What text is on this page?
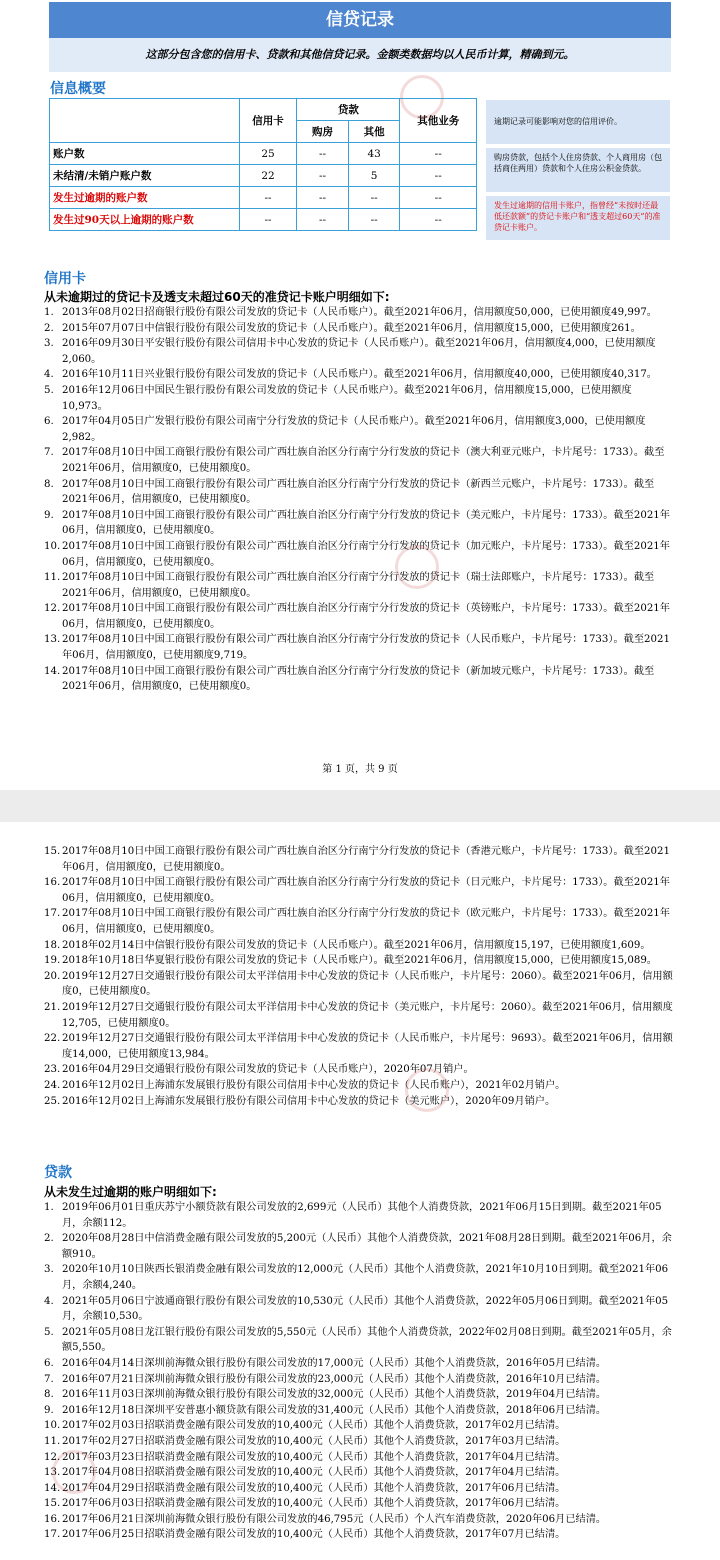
信贷记录
这部分包含您的信用卡、贷款和其他信贷记录。金额类数据均以人民币计算，精确到元。
信息概要
	信用卡	贷款		其他业务
		购房	其他	
账户数	25	--	43	--
未结清/未销户账户数	22	--	5	--
发生过逾期的账户数	--	--	--	--
发生过90天以上逾期的账户数	--	--	--	--
逾期记录可能影响对您的信用评价。
购房贷款，包括个人住房贷款、个人商用房（包括商住两用）贷款和个人住房公积金贷款。
发生过逾期的信用卡账户，指曾经“未按时还最低还款额”的贷记卡账户和“透支超过60天”的准贷记卡账户。
信用卡
从未逾期过的贷记卡及透支未超过60天的准贷记卡账户明细如下:
1. 2013年08月02日招商银行股份有限公司发放的贷记卡（人民币账户）。截至2021年06月，信用额度50,000，已使用额度49,997。
2. 2015年07月07日中信银行股份有限公司发放的贷记卡（人民币账户）。截至2021年06月，信用额度15,000，已使用额度261。
3. 2016年09月30日平安银行股份有限公司信用卡中心发放的贷记卡（人民币账户）。截至2021年06月，信用额度4,000，已使用额度2,060。
4. 2016年10月11日兴业银行股份有限公司发放的贷记卡（人民币账户）。截至2021年06月，信用额度40,000，已使用额度40,317。
5. 2016年12月06日中国民生银行股份有限公司发放的贷记卡（人民币账户）。截至2021年06月，信用额度15,000，已使用额度10,973。
6. 2017年04月05日广发银行股份有限公司南宁分行发放的贷记卡（人民币账户）。截至2021年06月，信用额度3,000，已使用额度2,982。
7. 2017年08月10日中国工商银行股份有限公司广西壮族自治区分行南宁分行发放的贷记卡（澳大利亚元账户，卡片尾号：1733）。截至2021年06月，信用额度0，已使用额度0。
8. 2017年08月10日中国工商银行股份有限公司广西壮族自治区分行南宁分行发放的贷记卡（新西兰元账户，卡片尾号：1733）。截至2021年06月，信用额度0，已使用额度0。
9. 2017年08月10日中国工商银行股份有限公司广西壮族自治区分行南宁分行发放的贷记卡（美元账户，卡片尾号：1733）。截至2021年06月，信用额度0，已使用额度0。
10. 2017年08月10日中国工商银行股份有限公司广西壮族自治区分行南宁分行发放的贷记卡（加元账户，卡片尾号：1733）。截至2021年06月，信用额度0，已使用额度0。
11. 2017年08月10日中国工商银行股份有限公司广西壮族自治区分行南宁分行发放的贷记卡（瑞士法郎账户，卡片尾号：1733）。截至2021年06月，信用额度0，已使用额度0。
12. 2017年08月10日中国工商银行股份有限公司广西壮族自治区分行南宁分行发放的贷记卡（英镑账户，卡片尾号：1733）。截至2021年06月，信用额度0，已使用额度0。
13. 2017年08月10日中国工商银行股份有限公司广西壮族自治区分行南宁分行发放的贷记卡（人民币账户，卡片尾号：1733）。截至2021年06月，信用额度0，已使用额度9,719。
14. 2017年08月10日中国工商银行股份有限公司广西壮族自治区分行南宁分行发放的贷记卡（新加坡元账户，卡片尾号：1733）。截至2021年06月，信用额度0，已使用额度0。
第 1 页，共 9 页
15. 2017年08月10日中国工商银行股份有限公司广西壮族自治区分行南宁分行发放的贷记卡（香港元账户，卡片尾号：1733）。截至2021年06月，信用额度0，已使用额度0。
16. 2017年08月10日中国工商银行股份有限公司广西壮族自治区分行南宁分行发放的贷记卡（日元账户，卡片尾号：1733）。截至2021年06月，信用额度0，已使用额度0。
17. 2017年08月10日中国工商银行股份有限公司广西壮族自治区分行南宁分行发放的贷记卡（欧元账户，卡片尾号：1733）。截至2021年06月，信用额度0，已使用额度0。
18. 2018年02月14日中信银行股份有限公司发放的贷记卡（人民币账户）。截至2021年06月，信用额度15,197，已使用额度1,609。
19. 2018年10月18日华夏银行股份有限公司发放的贷记卡（人民币账户）。截至2021年06月，信用额度15,000，已使用额度15,089。
20. 2019年12月27日交通银行股份有限公司太平洋信用卡中心发放的贷记卡（人民币账户，卡片尾号：2060）。截至2021年06月，信用额度0，已使用额度0。
21. 2019年12月27日交通银行股份有限公司太平洋信用卡中心发放的贷记卡（美元账户，卡片尾号：2060）。截至2021年06月，信用额度12,705，已使用额度0。
22. 2019年12月27日交通银行股份有限公司太平洋信用卡中心发放的贷记卡（人民币账户，卡片尾号：9693）。截至2021年06月，信用额度14,000，已使用额度13,984。
23. 2016年04月29日交通银行股份有限公司发放的贷记卡（人民币账户），2020年07月销户。
24. 2016年12月02日上海浦东发展银行股份有限公司信用卡中心发放的贷记卡（人民币账户），2021年02月销户。
25. 2016年12月02日上海浦东发展银行股份有限公司信用卡中心发放的贷记卡（美元账户），2020年09月销户。
贷款
从未发生过逾期的账户明细如下:
1. 2019年06月01日重庆苏宁小额贷款有限公司发放的2,699元（人民币）其他个人消费贷款，2021年06月15日到期。截至2021年05月，余额112。
2. 2020年08月28日中信消费金融有限公司发放的5,200元（人民币）其他个人消费贷款，2021年08月28日到期。截至2021年06月，余额910。
3. 2020年10月10日陕西长银消费金融有限公司发放的12,000元（人民币）其他个人消费贷款，2021年10月10日到期。截至2021年06月，余额4,240。
4. 2021年05月06日宁波通商银行股份有限公司发放的10,530元（人民币）其他个人消费贷款，2022年05月06日到期。截至2021年05月，余额10,530。
5. 2021年05月08日龙江银行股份有限公司发放的5,550元（人民币）其他个人消费贷款，2022年02月08日到期。截至2021年05月，余额5,550。
6. 2016年04月14日深圳前海微众银行股份有限公司发放的17,000元（人民币）其他个人消费贷款，2016年05月已结清。
7. 2016年07月21日深圳前海微众银行股份有限公司发放的23,000元（人民币）其他个人消费贷款，2016年10月已结清。
8. 2016年11月03日深圳前海微众银行股份有限公司发放的32,000元（人民币）其他个人消费贷款，2019年04月已结清。
9. 2016年12月18日深圳平安普惠小额贷款有限公司发放的31,400元（人民币）其他个人消费贷款，2018年06月已结清。
10. 2017年02月03日招联消费金融有限公司发放的10,400元（人民币）其他个人消费贷款，2017年02月已结清。
11. 2017年02月27日招联消费金融有限公司发放的10,400元（人民币）其他个人消费贷款，2017年03月已结清。
12. 2017年03月23日招联消费金融有限公司发放的10,400元（人民币）其他个人消费贷款，2017年04月已结清。
13. 2017年04月08日招联消费金融有限公司发放的10,400元（人民币）其他个人消费贷款，2017年04月已结清。
14. 2017年04月29日招联消费金融有限公司发放的10,400元（人民币）其他个人消费贷款，2017年06月已结清。
15. 2017年06月03日招联消费金融有限公司发放的10,400元（人民币）其他个人消费贷款，2017年06月已结清。
16. 2017年06月21日深圳前海微众银行股份有限公司发放的46,795元（人民币）个人汽车消费贷款，2020年06月已结清。
17. 2017年06月25日招联消费金融有限公司发放的10,400元（人民币）其他个人消费贷款，2017年07月已结清。
